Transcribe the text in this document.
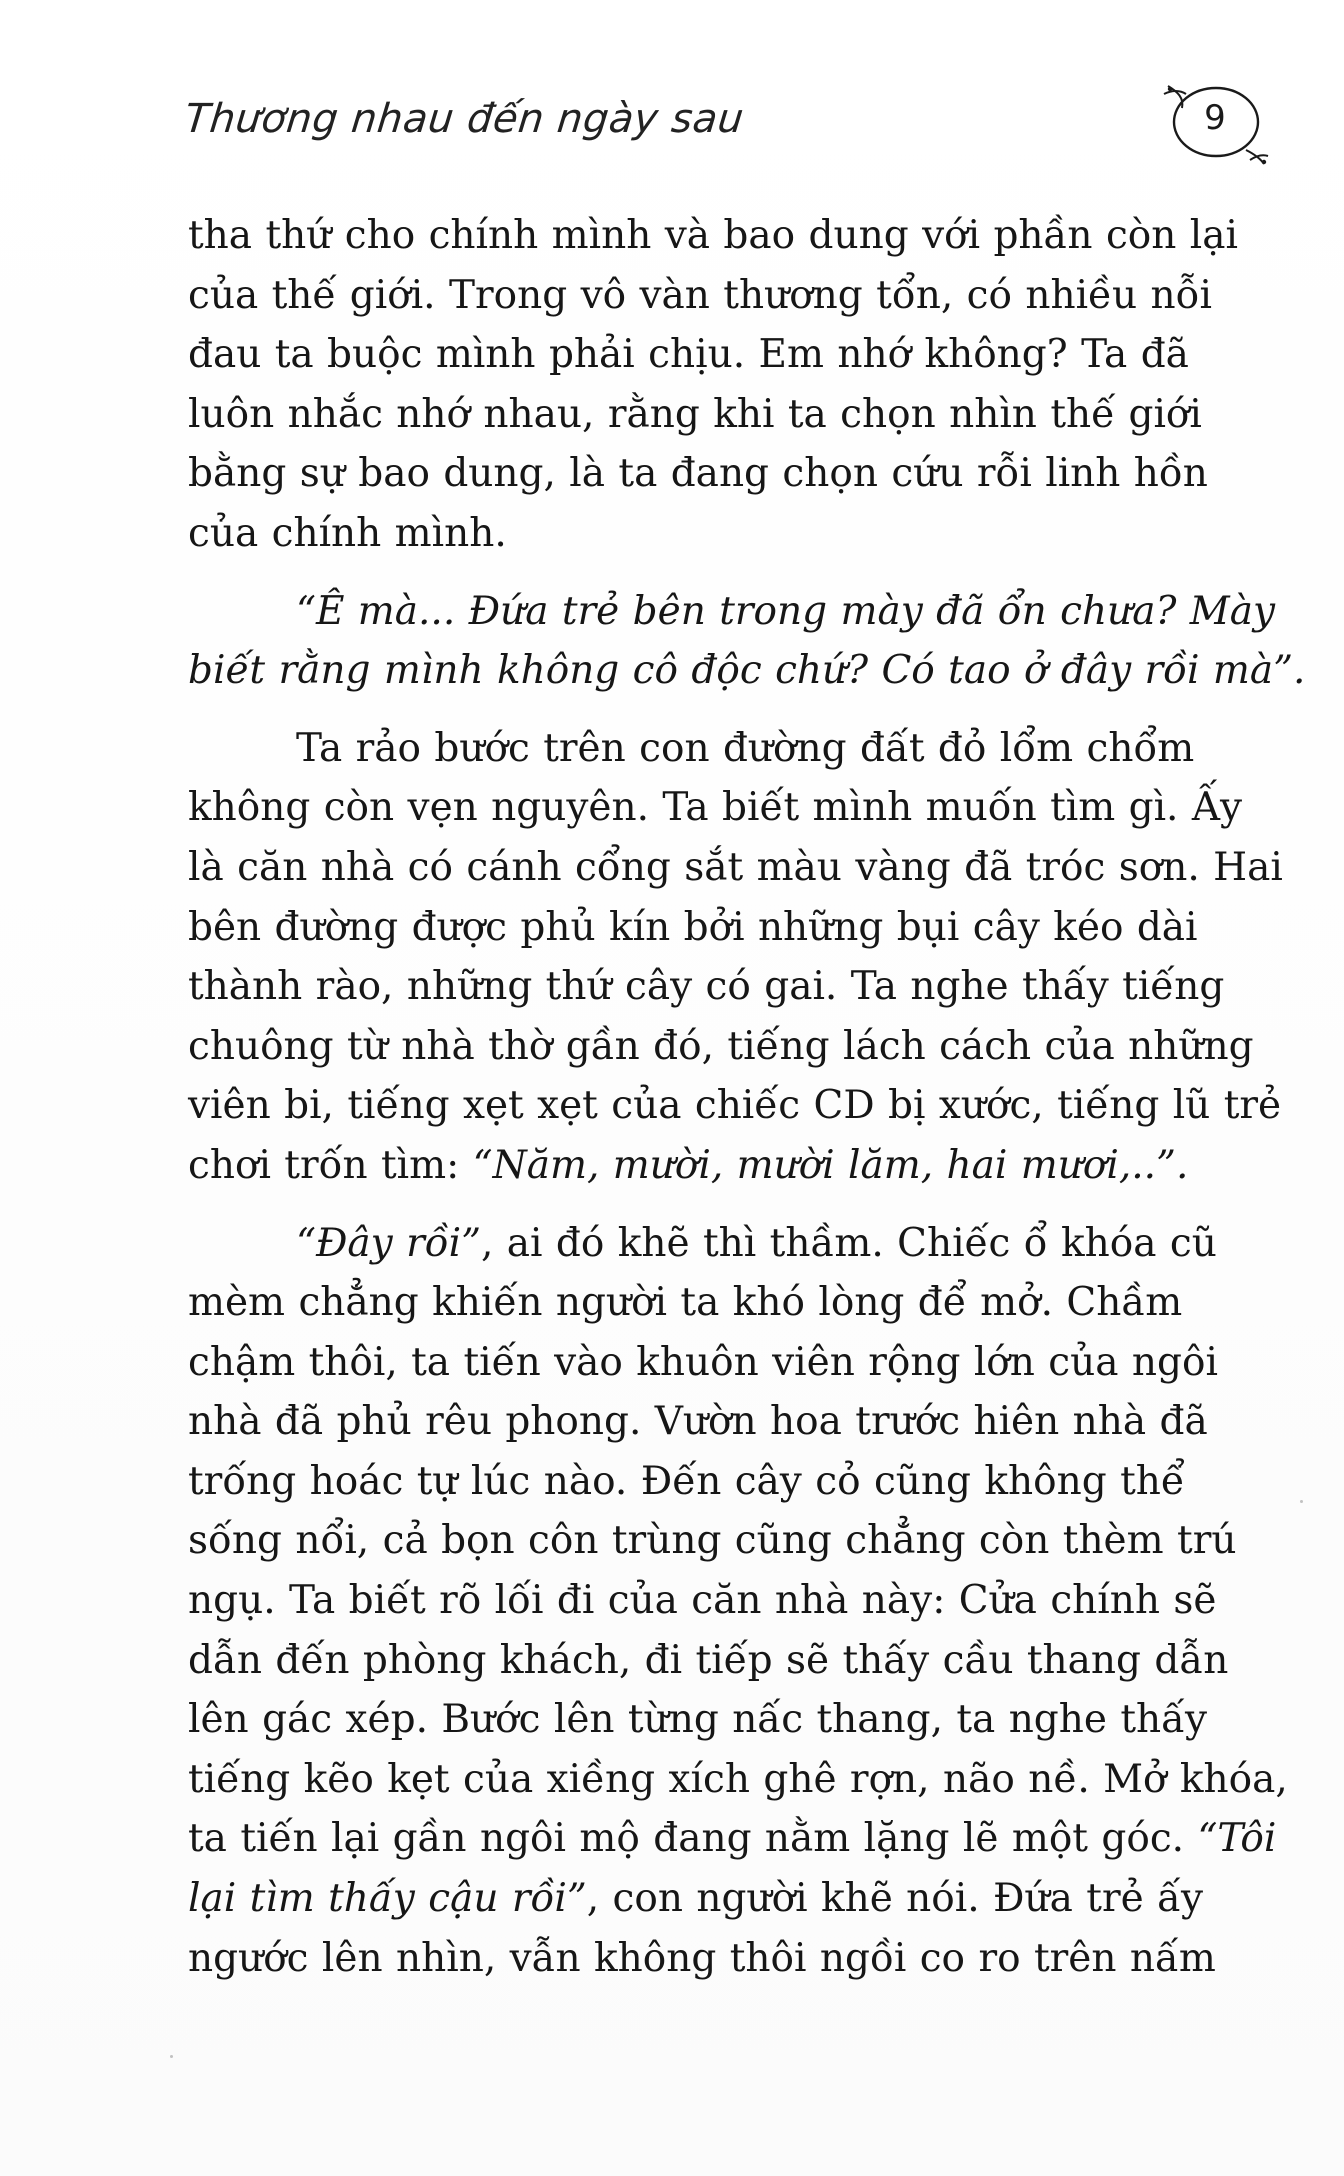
Thương nhau đến ngày sau	9

tha thứ cho chính mình và bao dung với phần còn lại
của thế giới. Trong vô vàn thương tổn, có nhiều nỗi
đau ta buộc mình phải chịu. Em nhớ không? Ta đã
luôn nhắc nhớ nhau, rằng khi ta chọn nhìn thế giới
bằng sự bao dung, là ta đang chọn cứu rỗi linh hồn
của chính mình.

“Ê mà... Đứa trẻ bên trong mày đã ổn chưa? Mày
biết rằng mình không cô độc chứ? Có tao ở đây rồi mà”.

Ta rảo bước trên con đường đất đỏ lổm chổm
không còn vẹn nguyên. Ta biết mình muốn tìm gì. Ấy
là căn nhà có cánh cổng sắt màu vàng đã tróc sơn. Hai
bên đường được phủ kín bởi những bụi cây kéo dài
thành rào, những thứ cây có gai. Ta nghe thấy tiếng
chuông từ nhà thờ gần đó, tiếng lách cách của những
viên bi, tiếng xẹt xẹt của chiếc CD bị xước, tiếng lũ trẻ
chơi trốn tìm: “Năm, mười, mười lăm, hai mươi,..”.

“Đây rồi”, ai đó khẽ thì thầm. Chiếc ổ khóa cũ
mèm chẳng khiến người ta khó lòng để mở. Chầm
chậm thôi, ta tiến vào khuôn viên rộng lớn của ngôi
nhà đã phủ rêu phong. Vườn hoa trước hiên nhà đã
trống hoác tự lúc nào. Đến cây cỏ cũng không thể
sống nổi, cả bọn côn trùng cũng chẳng còn thèm trú
ngụ. Ta biết rõ lối đi của căn nhà này: Cửa chính sẽ
dẫn đến phòng khách, đi tiếp sẽ thấy cầu thang dẫn
lên gác xép. Bước lên từng nấc thang, ta nghe thấy
tiếng kẽo kẹt của xiềng xích ghê rợn, não nề. Mở khóa,
ta tiến lại gần ngôi mộ đang nằm lặng lẽ một góc. “Tôi
lại tìm thấy cậu rồi”, con người khẽ nói. Đứa trẻ ấy
ngước lên nhìn, vẫn không thôi ngồi co ro trên nấm
